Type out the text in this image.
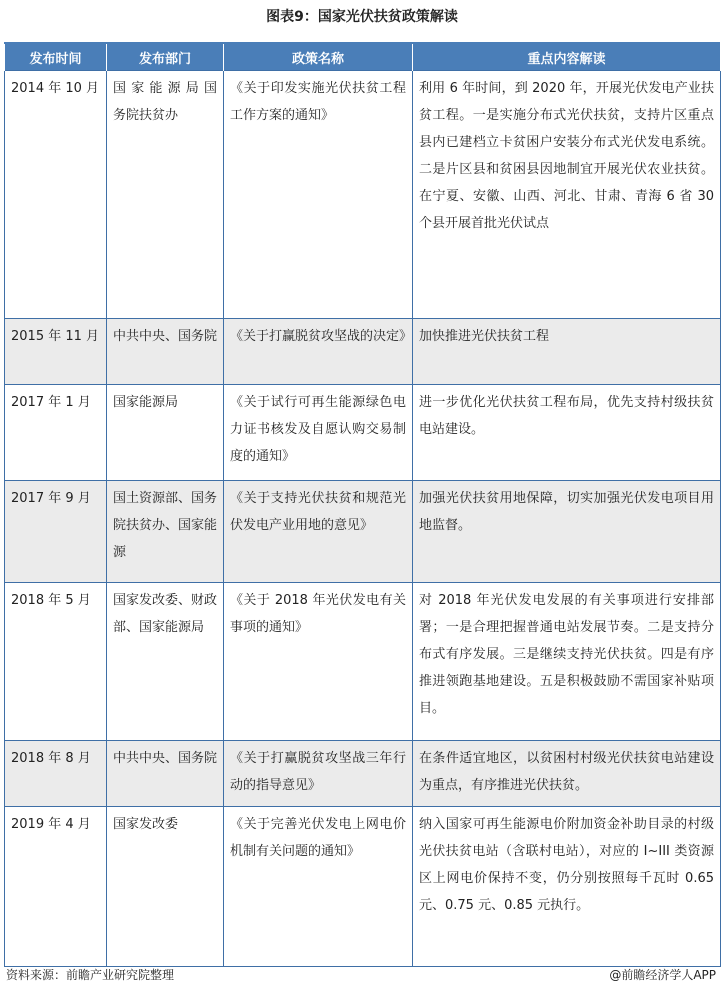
图表9：国家光伏扶贫政策解读
发布时间	发布部门	政策名称	重点内容解读
2014 年 10 月	国 家 能 源 局 国务院扶贫办	《关于印发实施光伏扶贫工程工作方案的通知》	利用 6 年时间，到 2020 年，开展光伏发电产业扶贫工程。一是实施分布式光伏扶贫，支持片区重点县内已建档立卡贫困户安装分布式光伏发电系统。二是片区县和贫困县因地制宜开展光伏农业扶贫。在宁夏、安徽、山西、河北、甘肃、青海 6 省 30 个县开展首批光伏试点
2015 年 11 月	中共中央、国务院	《关于打赢脱贫攻坚战的决定》	加快推进光伏扶贫工程
2017 年 1 月	国家能源局	《关于试行可再生能源绿色电力证书核发及自愿认购交易制度的通知》	进一步优化光伏扶贫工程布局，优先支持村级扶贫电站建设。
2017 年 9 月	国土资源部、国务院扶贫办、国家能源	《关于支持光伏扶贫和规范光伏发电产业用地的意见》	加强光伏扶贫用地保障，切实加强光伏发电项目用地监督。
2018 年 5 月	国家发改委、财政部、国家能源局	《关于 2018 年光伏发电有关事项的通知》	对 2018 年光伏发电发展的有关事项进行安排部署；一是合理把握普通电站发展节奏。二是支持分布式有序发展。三是继续支持光伏扶贫。四是有序推进领跑基地建设。五是积极鼓励不需国家补贴项目。
2018 年 8 月	中共中央、国务院	《关于打赢脱贫攻坚战三年行动的指导意见》	在条件适宜地区，以贫困村村级光伏扶贫电站建设为重点，有序推进光伏扶贫。
2019 年 4 月	国家发改委	《关于完善光伏发电上网电价机制有关问题的通知》	纳入国家可再生能源电价附加资金补助目录的村级光伏扶贫电站（含联村电站），对应的 I~III 类资源区上网电价保持不变，仍分别按照每千瓦时 0.65 元、0.75 元、0.85 元执行。
资料来源：前瞻产业研究院整理	@前瞻经济学人APP
